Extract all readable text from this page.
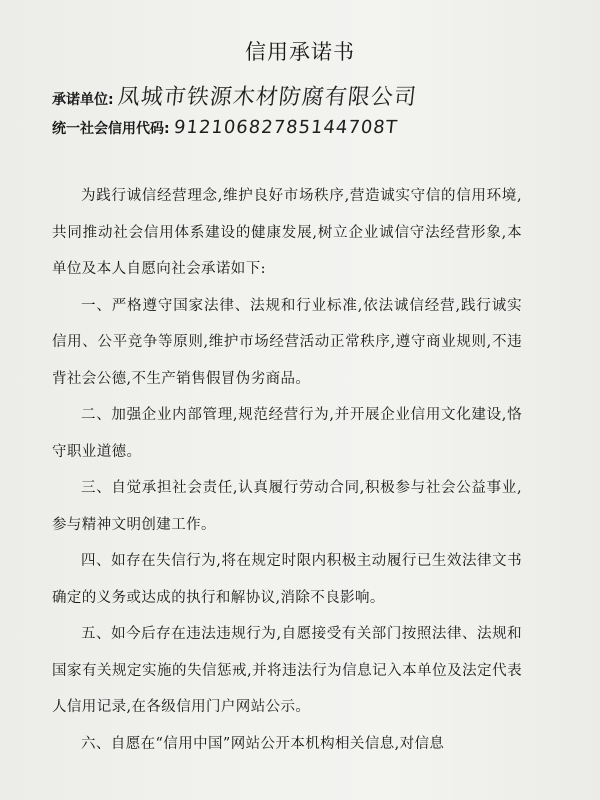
信用承诺书
承诺单位: 凤城市铁源木材防腐有限公司
统一社会信用代码: 91210682785144708T

为践行诚信经营理念,维护良好市场秩序,营造诚实守信的信用环境,共同推动社会信用体系建设的健康发展,树立企业诚信守法经营形象,本单位及本人自愿向社会承诺如下:

一、严格遵守国家法律、法规和行业标准,依法诚信经营,践行诚实信用、公平竞争等原则,维护市场经营活动正常秩序,遵守商业规则,不违背社会公德,不生产销售假冒伪劣商品。

二、加强企业内部管理,规范经营行为,并开展企业信用文化建设,恪守职业道德。

三、自觉承担社会责任,认真履行劳动合同,积极参与社会公益事业,参与精神文明创建工作。

四、如存在失信行为,将在规定时限内积极主动履行已生效法律文书确定的义务或达成的执行和解协议,消除不良影响。

五、如今后存在违法违规行为,自愿接受有关部门按照法律、法规和国家有关规定实施的失信惩戒,并将违法行为信息记入本单位及法定代表人信用记录,在各级信用门户网站公示。

六、自愿在“信用中国”网站公开本机构相关信息,对信息
